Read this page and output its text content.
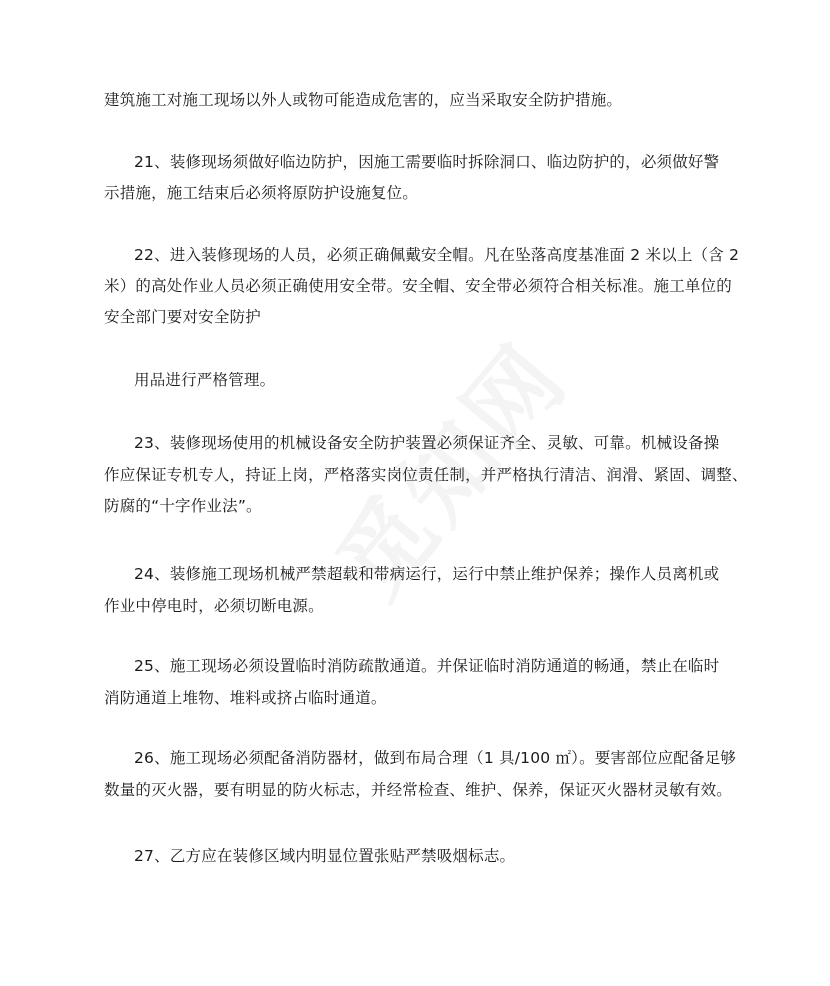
建筑施工对施工现场以外人或物可能造成危害的，应当采取安全防护措施。
21、装修现场须做好临边防护，因施工需要临时拆除洞口、临边防护的，必须做好警
示措施，施工结束后必须将原防护设施复位。
22、进入装修现场的人员，必须正确佩戴安全帽。凡在坠落高度基准面 2 米以上（含 2
米）的高处作业人员必须正确使用安全带。安全帽、安全带必须符合相关标准。施工单位的
安全部门要对安全防护
用品进行严格管理。
23、装修现场使用的机械设备安全防护装置必须保证齐全、灵敏、可靠。机械设备操
作应保证专机专人，持证上岗，严格落实岗位责任制，并严格执行清洁、润滑、紧固、调整、
防腐的“十字作业法”。
24、装修施工现场机械严禁超载和带病运行，运行中禁止维护保养；操作人员离机或
作业中停电时，必须切断电源。
25、施工现场必须设置临时消防疏散通道。并保证临时消防通道的畅通，禁止在临时
消防通道上堆物、堆料或挤占临时通道。
26、施工现场必须配备消防器材，做到布局合理（1 具/100 ㎡）。要害部位应配备足够
数量的灭火器，要有明显的防火标志，并经常检查、维护、保养，保证灭火器材灵敏有效。
27、乙方应在装修区域内明显位置张贴严禁吸烟标志。
